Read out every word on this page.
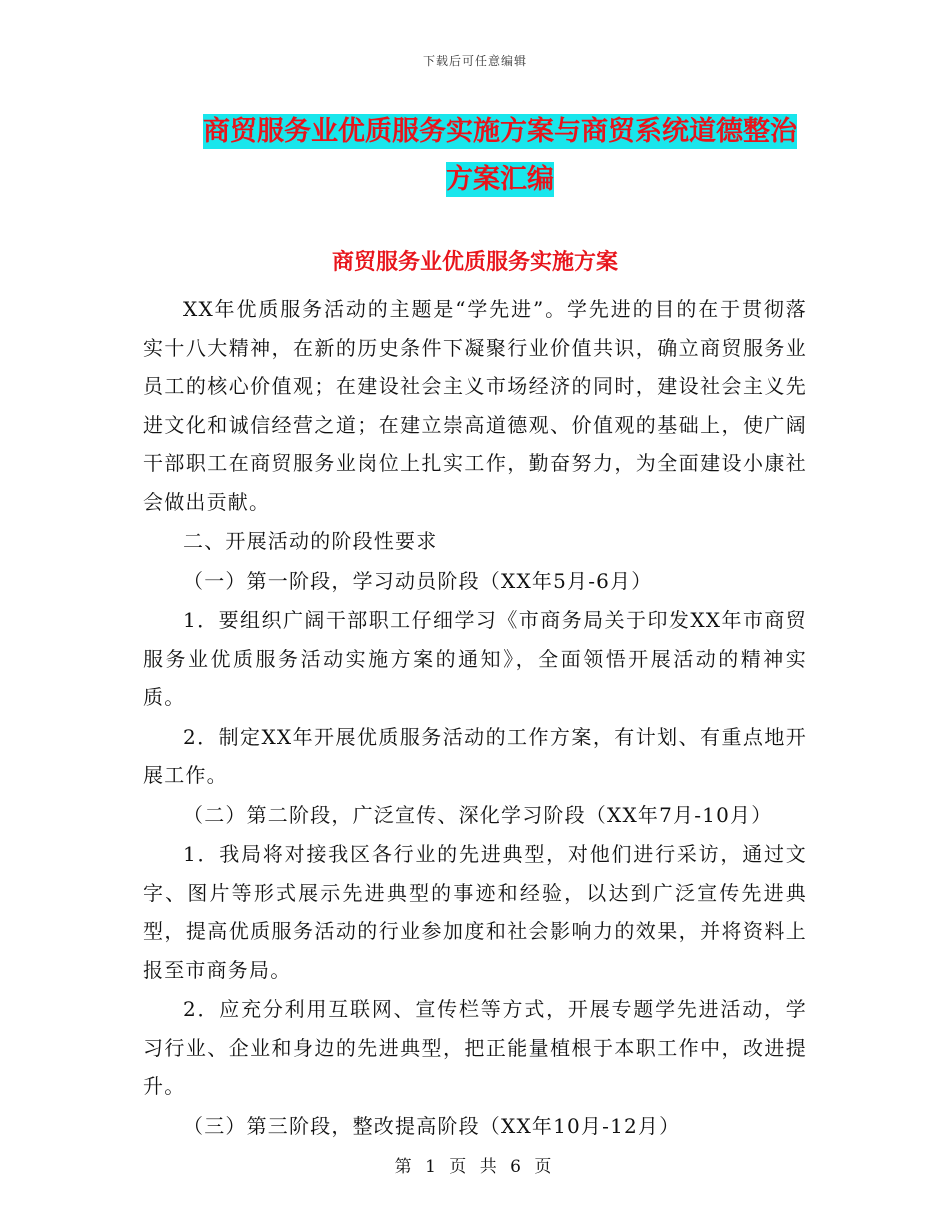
下载后可任意编辑
商贸服务业优质服务实施方案与商贸系统道德整治方案汇编
商贸服务业优质服务实施方案

XX年优质服务活动的主题是“学先进”。学先进的目的在于贯彻落实十八大精神，在新的历史条件下凝聚行业价值共识，确立商贸服务业员工的核心价值观；在建设社会主义市场经济的同时，建设社会主义先进文化和诚信经营之道；在建立崇高道德观、价值观的基础上，使广阔干部职工在商贸服务业岗位上扎实工作，勤奋努力，为全面建设小康社会做出贡献。

二、开展活动的阶段性要求

（一）第一阶段，学习动员阶段（XX年5月-6月）

1．要组织广阔干部职工仔细学习《市商务局关于印发XX年市商贸服务业优质服务活动实施方案的通知》，全面领悟开展活动的精神实质。

2．制定XX年开展优质服务活动的工作方案，有计划、有重点地开展工作。

（二）第二阶段，广泛宣传、深化学习阶段（XX年7月-10月）

1．我局将对接我区各行业的先进典型，对他们进行采访，通过文字、图片等形式展示先进典型的事迹和经验，以达到广泛宣传先进典型，提高优质服务活动的行业参加度和社会影响力的效果，并将资料上报至市商务局。

2．应充分利用互联网、宣传栏等方式，开展专题学先进活动，学习行业、企业和身边的先进典型，把正能量植根于本职工作中，改进提升。

（三）第三阶段，整改提高阶段（XX年10月-12月）

第 1 页 共 6 页
